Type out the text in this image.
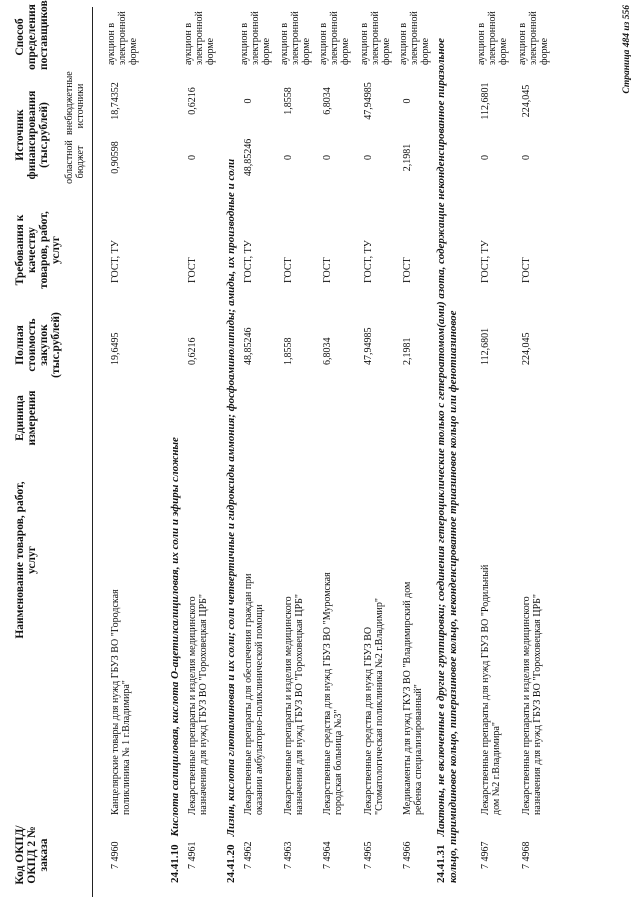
Код ОКПД/ ОКПД 2 № заказа
Наименование товаров, работ, услуг
Единица измерения
Полная стоимость закупок (тыс.рублей)
Требования к качеству товаров, работ, услуг
Источник финансирования (тыс.рублей) областной бюджет
внебюджетные источники
Способ определения поставщиков
7 4960
Канцелярские товары для нужд ГБУЗ ВО "Городская поликлиника № 1 г.Владимира"
19,6495
ГОСТ, ТУ
0,90598
18,74352
аукцион в электронной форме
24.41.10Кислота салициловая, кислота О-ацетилсалициловая, их соли и эфиры сложные
7 4961
Лекарственные препараты и изделия медицинского назначения для нужд ГБУЗ ВО "Гороховецкая ЦРБ"
0,6216
ГОСТ
0
0,6216
аукцион в электронной форме
24.41.20Лизин, кислота глютаминовая и их соли; соли четвертичные и гидроксиды аммония; фосфоаминолипиды; амиды, их производные и соли
7 4962
Лекарственные препараты для обеспечения граждан при оказании амбулаторно-поликлинической помощи
48,85246
ГОСТ, ТУ
48,85246
0
аукцион в электронной форме
7 4963
Лекарственные препараты и изделия медицинского назначения для нужд ГБУЗ ВО "Гороховецкая ЦРБ"
1,8558
ГОСТ
0
1,8558
аукцион в электронной форме
7 4964
Лекарственные средства для нужд ГБУЗ ВО "Муромская городская больница №3"
6,8034
ГОСТ
0
6,8034
аукцион в электронной форме
7 4965
Лекарственные средства для нужд ГБУЗ ВО "Стоматологическая поликлиника №2 г.Владимир"
47,94985
ГОСТ, ТУ
0
47,94985
аукцион в электронной форме
7 4966
Медикаменты для нужд ГКУЗ ВО "Владимирский дом ребенка специализированный"
2,1981
ГОСТ
2,1981
0
аукцион в электронной форме
24.41.31Лактоны, не включенные в другие группировки; соединения гетероциклические только с гетероатомом(ами) азота, содержащие неконденсированное пиразольное кольцо, пиримидиновое кольцо, пиперазиновое кольцо, неконденсированное триазиновое кольцо или фенотиазиновое 7 4967
Лекарственные препараты для нужд ГБУЗ ВО "Родильный дом №2 г.Владимира"
112,6801
ГОСТ, ТУ
0
112,6801
аукцион в электронной форме
7 4968
Лекарственные препараты и изделия медицинского назначения для нужд ГБУЗ ВО "Гороховецкая ЦРБ"
224,045
ГОСТ
0
224,045
аукцион в электронной форме	Страница 484 из 556
